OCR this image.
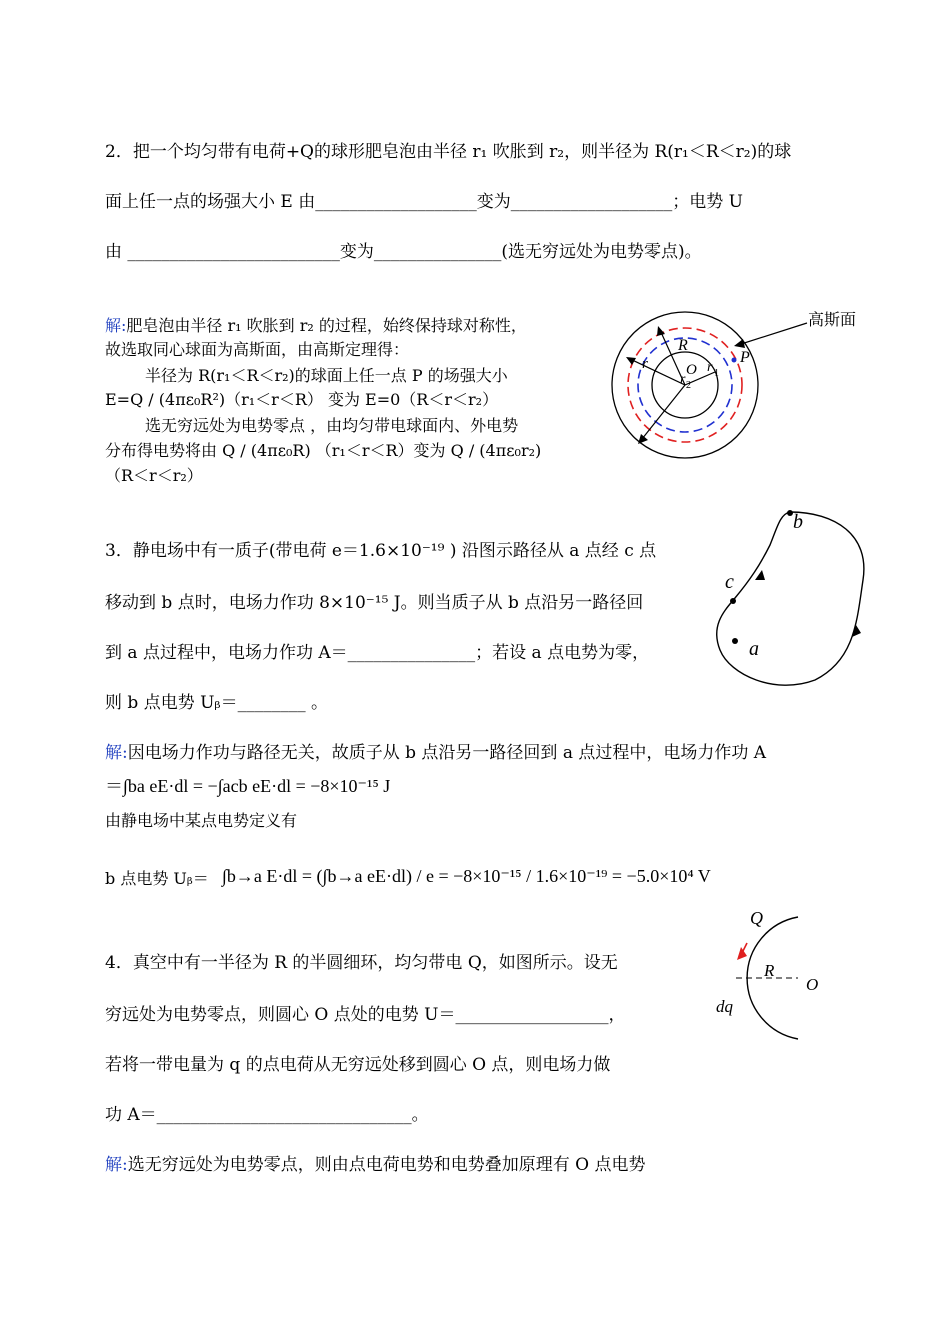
2．把一个均匀带有电荷+Q的球形肥皂泡由半径 r₁ 吹胀到 r₂，则半径为 R(r₁＜R＜r₂)的球
面上任一点的场强大小 E 由___________________变为___________________；电势 U
由 _________________________变为_______________(选无穷远处为电势零点)。
解:肥皂泡由半径 r₁ 吹胀到 r₂ 的过程，始终保持球对称性，
故选取同心球面为高斯面，由高斯定理得：
半径为 R(r₁＜R＜r₂)的球面上任一点 P 的场强大小
E=Q / (4πε₀R²)（r₁＜r＜R） 变为 E=0（R＜r＜r₂）
选无穷远处为电势零点 ，由均匀带电球面内、外电势
分布得电势将由 Q / (4πε₀R) （r₁＜r＜R）变为 Q / (4πε₀r₂)
（R＜r＜r₂）
高斯面
R
r	O r 1
r 2
P
3．静电场中有一质子(带电荷 e＝1.6×10⁻¹⁹ ) 沿图示路径从 a 点经 c 点
移动到 b 点时，电场力作功 8×10⁻¹⁵ J。则当质子从 b 点沿另一路径回
到 a 点过程中，电场力作功 A＝_______________；若设 a 点电势为零，
则 b 点电势 Uᵦ＝________ 。
b
c
a
解:因电场力作功与路径无关，故质子从 b 点沿另一路径回到 a 点过程中，电场力作功 A
＝∫ba eE·dl = −∫acb eE·dl = −8×10⁻¹⁵ J
由静电场中某点电势定义有
b 点电势 Uᵦ＝ ∫b→a E·dl = (∫b→a eE·dl) / e = −8×10⁻¹⁵ / 1.6×10⁻¹⁹ = −5.0×10⁴ V
4．真空中有一半径为 R 的半圆细环，均匀带电 Q，如图所示。设无
穷远处为电势零点，则圆心 O 点处的电势 U＝__________________，
若将一带电量为 q 的点电荷从无穷远处移到圆心 O 点，则电场力做
功 A＝______________________________。
Q
R
O
dq
解:选无穷远处为电势零点，则由点电荷电势和电势叠加原理有 O 点电势
